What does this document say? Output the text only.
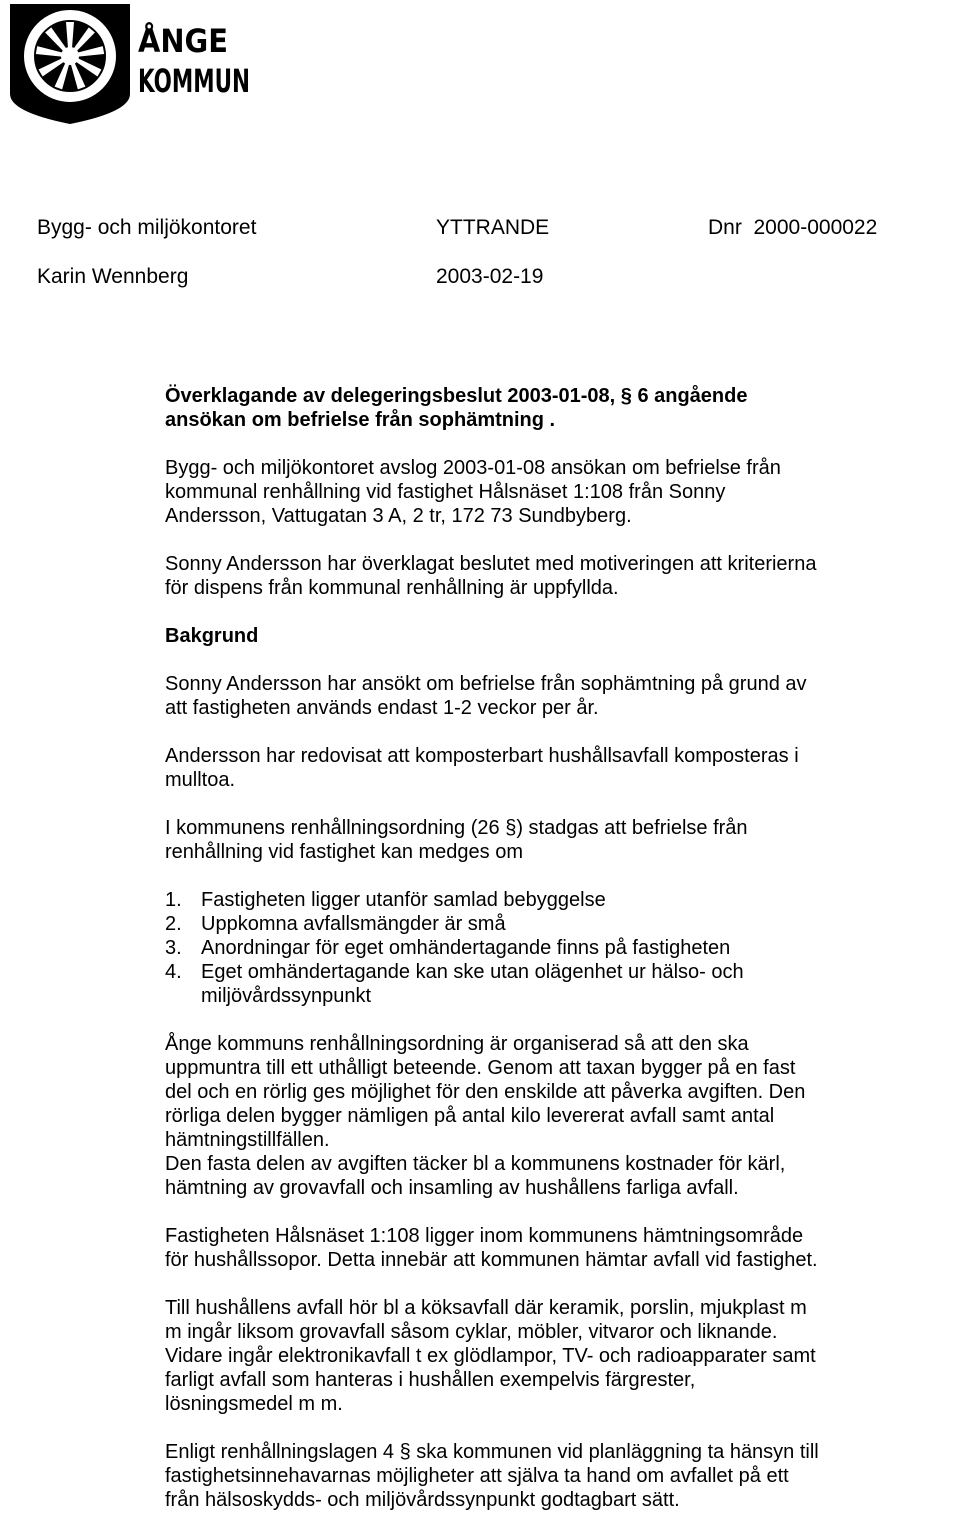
ÅNGE
KOMMUN
Bygg- och miljökontoret	YTTRANDE	Dnr  2000-000022
Karin Wennberg	2003-02-19
Överklagande av delegeringsbeslut 2003-01-08, § 6 angående
ansökan om befrielse från sophämtning .

Bygg- och miljökontoret avslog 2003-01-08 ansökan om befrielse från
kommunal renhållning vid fastighet Hålsnäset 1:108 från Sonny
Andersson, Vattugatan 3 A, 2 tr, 172 73 Sundbyberg.

Sonny Andersson har överklagat beslutet med motiveringen att kriterierna
för dispens från kommunal renhållning är uppfyllda.

Bakgrund

Sonny Andersson har ansökt om befrielse från sophämtning på grund av
att fastigheten används endast 1-2 veckor per år.

Andersson har redovisat att komposterbart hushållsavfall komposteras i
mulltoa.

I kommunens renhållningsordning (26 §) stadgas att befrielse från
renhållning vid fastighet kan medges om

1. Fastigheten ligger utanför samlad bebyggelse
2. Uppkomna avfallsmängder är små
3. Anordningar för eget omhändertagande finns på fastigheten
4. Eget omhändertagande kan ske utan olägenhet ur hälso- och
miljövårdssynpunkt

Ånge kommuns renhållningsordning är organiserad så att den ska
uppmuntra till ett uthålligt beteende. Genom att taxan bygger på en fast
del och en rörlig ges möjlighet för den enskilde att påverka avgiften. Den
rörliga delen bygger nämligen på antal kilo levererat avfall samt antal
hämtningstillfällen.
Den fasta delen av avgiften täcker bl a kommunens kostnader för kärl,
hämtning av grovavfall och insamling av hushållens farliga avfall.

Fastigheten Hålsnäset 1:108 ligger inom kommunens hämtningsområde
för hushållssopor. Detta innebär att kommunen hämtar avfall vid fastighet.

Till hushållens avfall hör bl a köksavfall där keramik, porslin, mjukplast m
m ingår liksom grovavfall såsom cyklar, möbler, vitvaror och liknande.
Vidare ingår elektronikavfall t ex glödlampor, TV- och radioapparater samt
farligt avfall som hanteras i hushållen exempelvis färgrester,
lösningsmedel m m.

Enligt renhållningslagen 4 § ska kommunen vid planläggning ta hänsyn till
fastighetsinnehavarnas möjligheter att själva ta hand om avfallet på ett
från hälsoskydds- och miljövårdssynpunkt godtagbart sätt.
